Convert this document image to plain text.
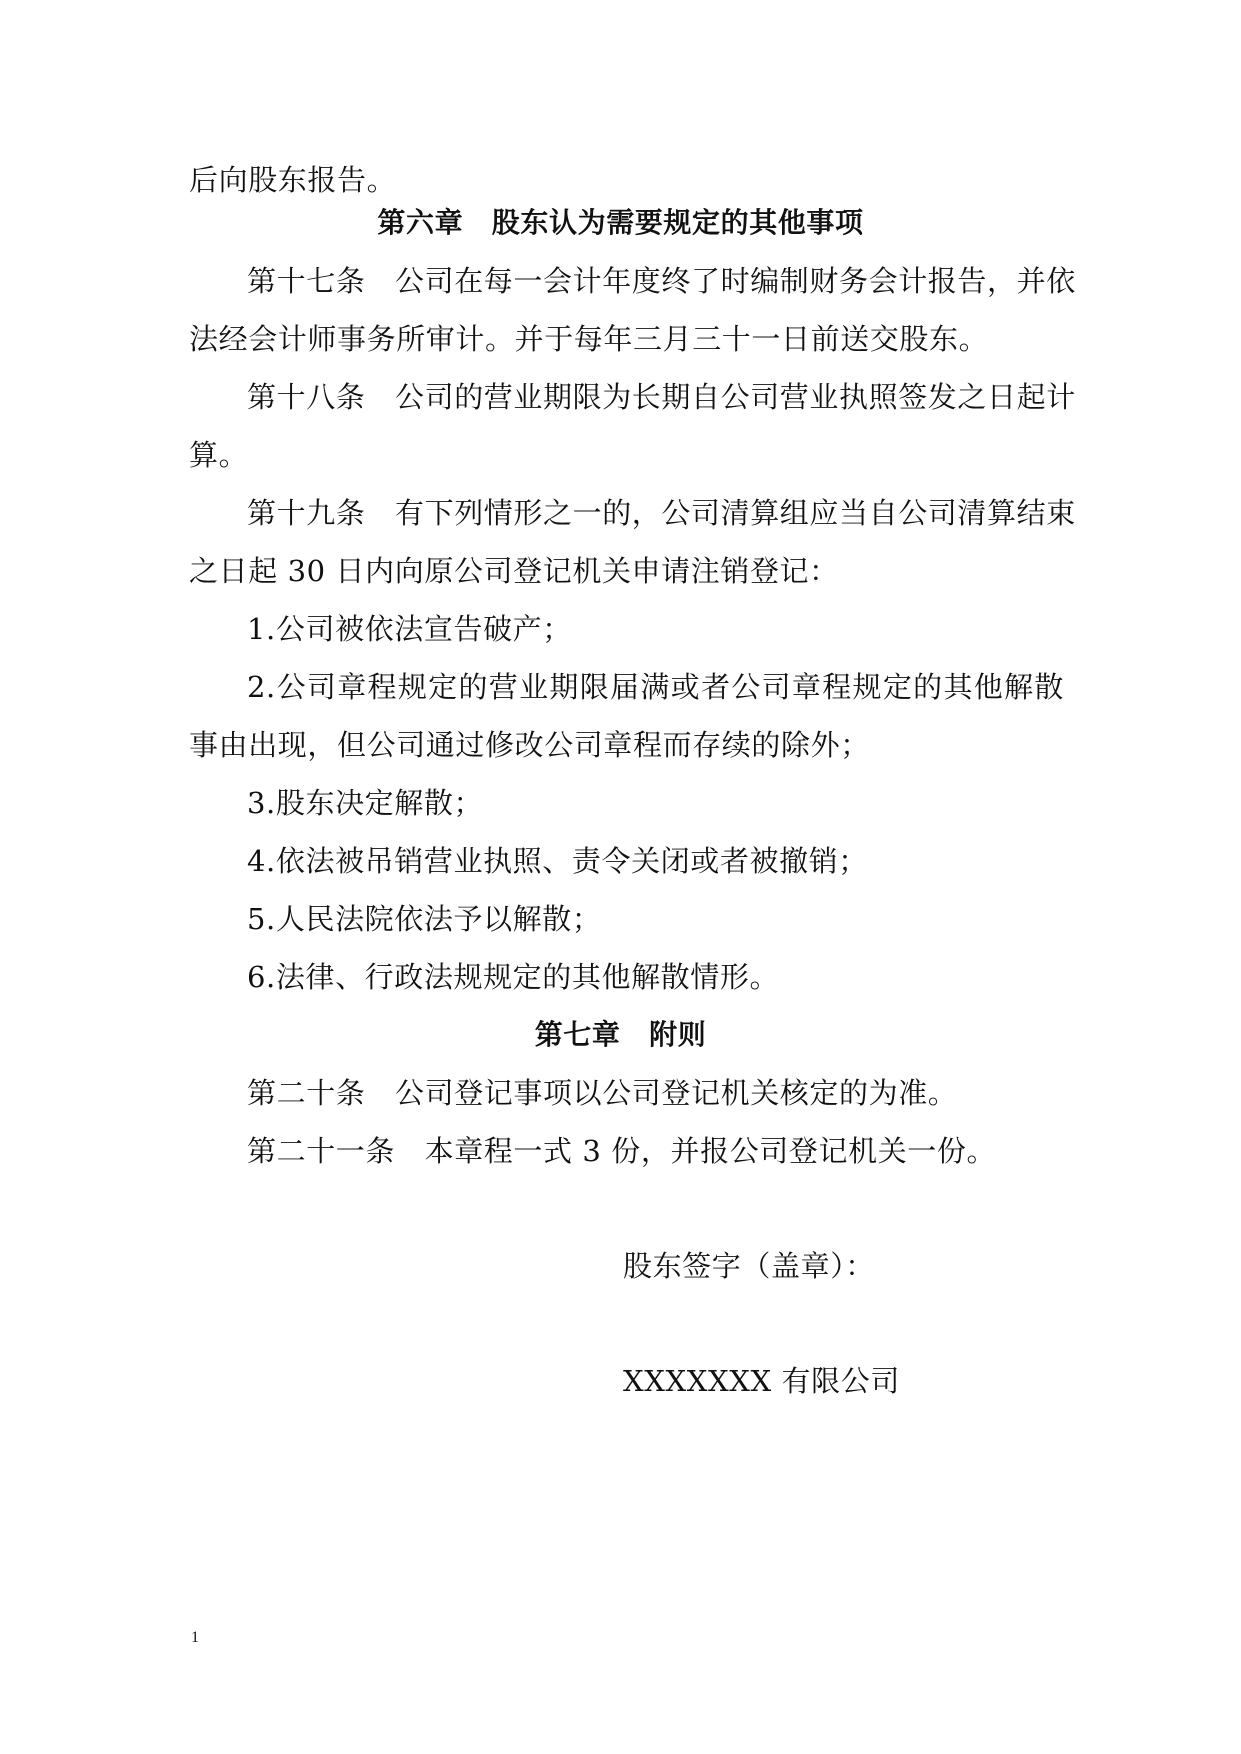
后向股东报告。
第六章　股东认为需要规定的其他事项
第十七条　公司在每一会计年度终了时编制财务会计报告，并依
法经会计师事务所审计。并于每年三月三十一日前送交股东。
第十八条　公司的营业期限为长期自公司营业执照签发之日起计
算。
第十九条　有下列情形之一的，公司清算组应当自公司清算结束
之日起 30 日内向原公司登记机关申请注销登记：
1.公司被依法宣告破产；
2.公司章程规定的营业期限届满或者公司章程规定的其他解散
事由出现，但公司通过修改公司章程而存续的除外；
3.股东决定解散；
4.依法被吊销营业执照、责令关闭或者被撤销；
5.人民法院依法予以解散；
6.法律、行政法规规定的其他解散情形。
第七章　附则
第二十条　公司登记事项以公司登记机关核定的为准。
第二十一条　本章程一式 3 份，并报公司登记机关一份。
股东签字（盖章）：
XXXXXXX 有限公司
1
